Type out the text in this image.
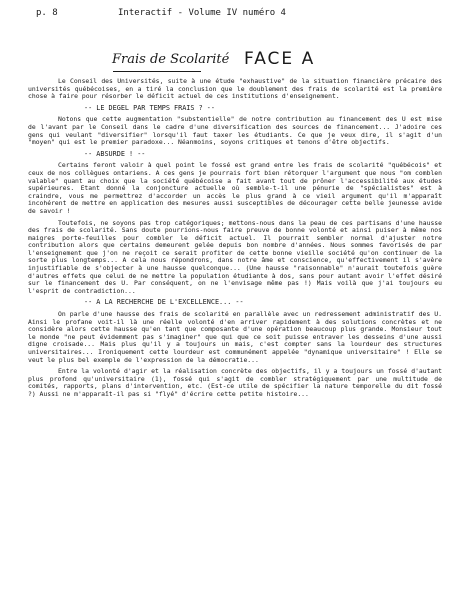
p. 8	Interactif - Volume IV numéro 4
Frais de Scolarité FACE A

Le Conseil des Universités, suite à une étude "exhaustive" de la situation financière précaire des universités québécoises, en a tiré la conclusion que le doublement des frais de scolarité est la première chose à faire pour résorber le déficit actuel de ces institutions d'enseignement.

-- LE DEGEL PAR TEMPS FRAIS ? --

Notons que cette augmentation "substentielle" de notre contribution au financement des U est mise de l'avant par le Conseil dans le cadre d'une diversification des sources de financement... J'adoire ces gens qui veulant "diversifier" lorsqu'il faut taxer les étudiants. Ce que je veux dire, il s'agit d'un "moyen" qui est le premier paradoxe... Néanmoins, soyons critiques et tenons d'être objectifs.

-- ABSURDE ! --

Certains feront valoir à quel point le fossé est grand entre les frais de scolarité "québécois" et ceux de nos collègues ontariens. A ces gens je pourrais fort bien rétorquer l'argument que nous "om comblen valable" quant au choix que la société québécoise a fait avant tout de prôner l'accessibilité aux études supérieures. Etant donné la conjoncture actuelle où semble-t-il une pénurie de "spécialistes" est à craindre, vous me permettrez d'accorder un accès le plus grand à ce vieil argument qu'il m'apparaît incohérent de mettre en application des mesures aussi susceptibles de décourager cette belle jeunesse avide de savoir !

Toutefois, ne soyons pas trop catégoriques; mettons-nous dans la peau de ces partisans d'une hausse des frais de scolarité. Sans doute pourrions-nous faire preuve de bonne volonté et ainsi puiser à même nos maigres porte-feuilles pour combler le déficit actuel. Il pourrait sembler normal d'ajuster notre contribution alors que certains demeurent gelée depuis bon nombre d'années. Nous sommes favorisés de par l'enseignement que j'on ne reçoit ce serait profiter de cette bonne vieille société qu'on continuer de la sorte plus longtemps... A cela nous répondrons, dans notre âme et conscience, qu'effectivement il s'avère injustifiable de s'objecter à une hausse quelconque... (Une hausse "raisonnable" n'aurait toutefois guère d'autres effets que celui de ne mettre la population étudiante à dos, sans pour autant avoir l'effet désiré sur le financement des U. Par conséquent, on ne l'envisage même pas !) Mais voilà que j'ai toujours eu l'esprit de contradiction...

-- A LA RECHERCHE DE L'EXCELLENCE... --

On parle d'une hausse des frais de scolarité en parallèle avec un redressement administratif des U. Ainsi le profane voit-il là une réelle volonté d'en arriver rapidement à des solutions concrètes et ne considère alors cette hausse qu'en tant que composante d'une opération beaucoup plus grande. Monsieur tout le monde "ne peut évidemment pas s'imaginer" que qui que ce soit puisse entraver les desseins d'une aussi digne croisade... Mais plus qu'il y a toujours un mais, c'est compter sans la lourdeur des structures universitaires... Ironiquement cette lourdeur est communément appelée "dynamique universitaire" ! Elle se veut le plus bel exemple de l'expression de la démocratie...

Entre la volonté d'agir et la réalisation concrète des objectifs, il y a toujours un fossé d'autant plus profond qu'universitaire (1), fossé qui s'agit de combler stratégiquement par une multitude de comités, rapports, plans d'intervention, etc. (Est-ce utile de spécifier la nature temporelle du dit fossé ?) Aussi ne m'apparaît-il pas si "flyé" d'écrire cette petite histoire...
